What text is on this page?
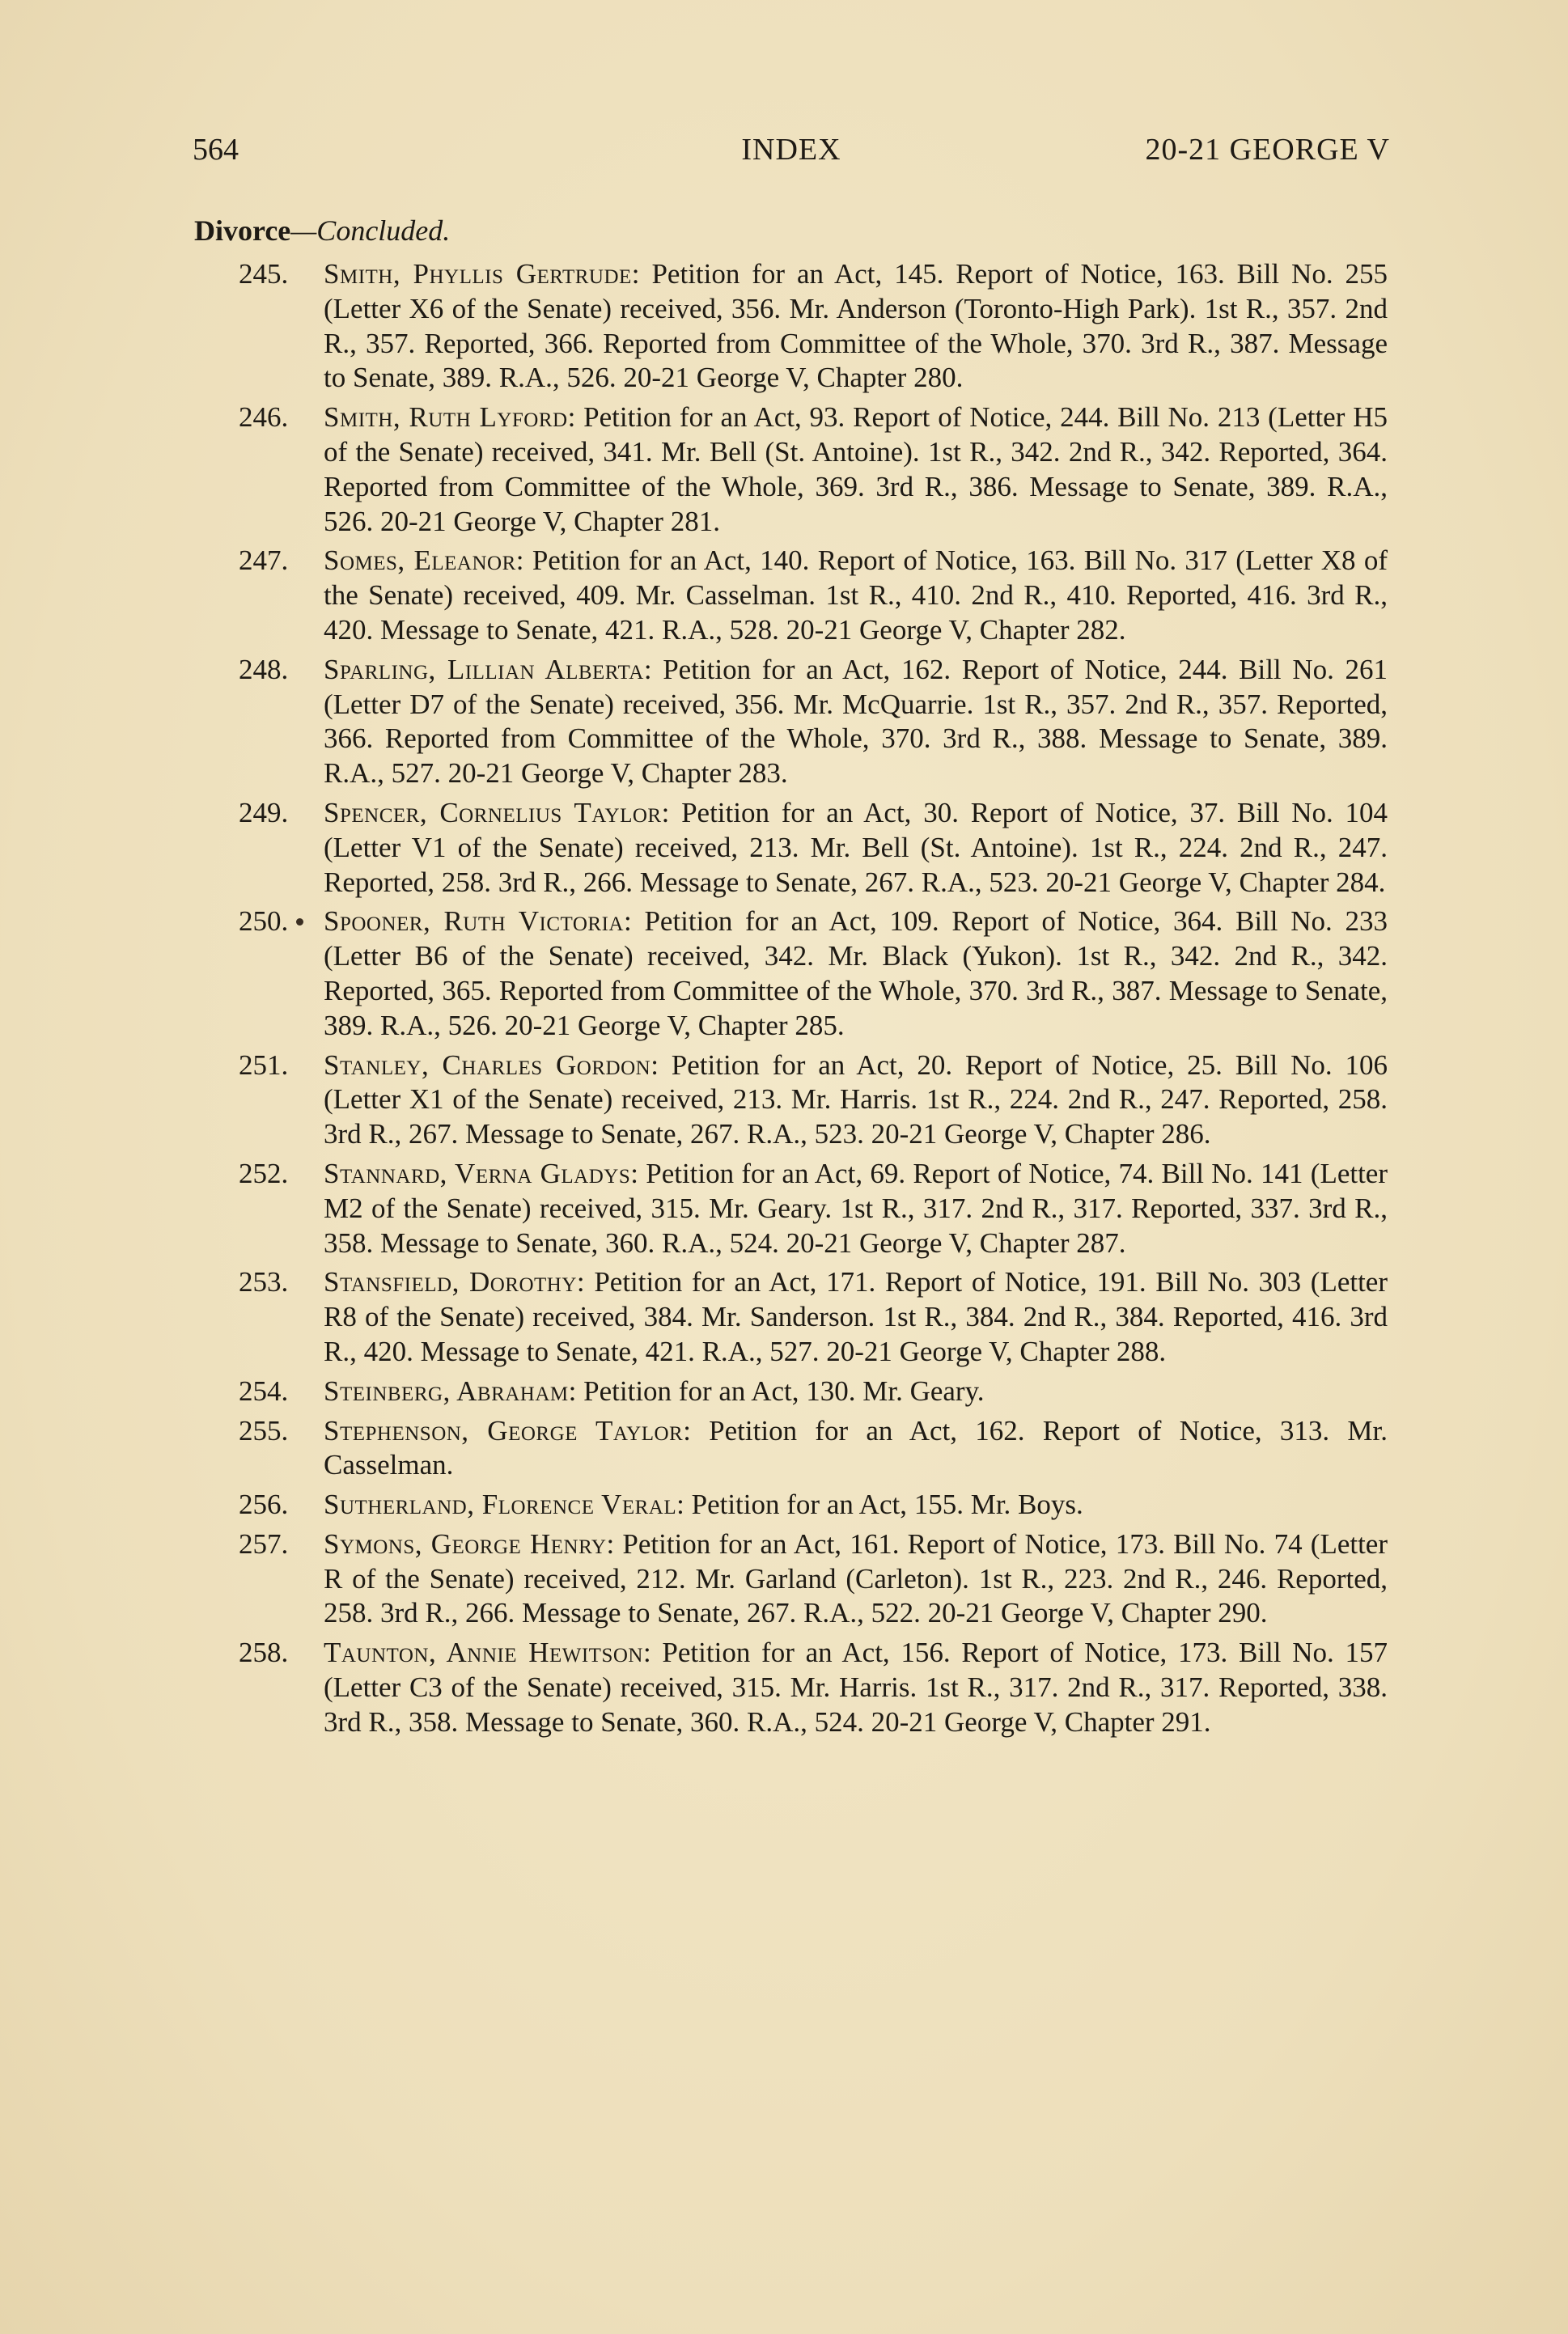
564	INDEX	20-21 GEORGE V
Divorce—Concluded.
245. Smith, Phyllis Gertrude: Petition for an Act, 145. Report of Notice, 163. Bill No. 255 (Letter X6 of the Senate) received, 356. Mr. Anderson (Toronto-High Park). 1st R., 357. 2nd R., 357. Reported, 366. Reported from Committee of the Whole, 370. 3rd R., 387. Message to Senate, 389. R.A., 526. 20-21 George V, Chapter 280.
246. Smith, Ruth Lyford: Petition for an Act, 93. Report of Notice, 244. Bill No. 213 (Letter H5 of the Senate) received, 341. Mr. Bell (St. Antoine). 1st R., 342. 2nd R., 342. Reported, 364. Reported from Committee of the Whole, 369. 3rd R., 386. Message to Senate, 389. R.A., 526. 20-21 George V, Chapter 281.
247. Somes, Eleanor: Petition for an Act, 140. Report of Notice, 163. Bill No. 317 (Letter X8 of the Senate) received, 409. Mr. Casselman. 1st R., 410. 2nd R., 410. Reported, 416. 3rd R., 420. Message to Senate, 421. R.A., 528. 20-21 George V, Chapter 282.
248. Sparling, Lillian Alberta: Petition for an Act, 162. Report of Notice, 244. Bill No. 261 (Letter D7 of the Senate) received, 356. Mr. McQuarrie. 1st R., 357. 2nd R., 357. Reported, 366. Reported from Committee of the Whole, 370. 3rd R., 388. Message to Senate, 389. R.A., 527. 20-21 George V, Chapter 283.
249. Spencer, Cornelius Taylor: Petition for an Act, 30. Report of Notice, 37. Bill No. 104 (Letter V1 of the Senate) received, 213. Mr. Bell (St. Antoine). 1st R., 224. 2nd R., 247. Reported, 258. 3rd R., 266. Message to Senate, 267. R.A., 523. 20-21 George V, Chapter 284.
250. Spooner, Ruth Victoria: Petition for an Act, 109. Report of Notice, 364. Bill No. 233 (Letter B6 of the Senate) received, 342. Mr. Black (Yukon). 1st R., 342. 2nd R., 342. Reported, 365. Reported from Committee of the Whole, 370. 3rd R., 387. Message to Senate, 389. R.A., 526. 20-21 George V, Chapter 285.
251. Stanley, Charles Gordon: Petition for an Act, 20. Report of Notice, 25. Bill No. 106 (Letter X1 of the Senate) received, 213. Mr. Harris. 1st R., 224. 2nd R., 247. Reported, 258. 3rd R., 267. Message to Senate, 267. R.A., 523. 20-21 George V, Chapter 286.
252. Stannard, Verna Gladys: Petition for an Act, 69. Report of Notice, 74. Bill No. 141 (Letter M2 of the Senate) received, 315. Mr. Geary. 1st R., 317. 2nd R., 317. Reported, 337. 3rd R., 358. Message to Senate, 360. R.A., 524. 20-21 George V, Chapter 287.
253. Stansfield, Dorothy: Petition for an Act, 171. Report of Notice, 191. Bill No. 303 (Letter R8 of the Senate) received, 384. Mr. Sanderson. 1st R., 384. 2nd R., 384. Reported, 416. 3rd R., 420. Message to Senate, 421. R.A., 527. 20-21 George V, Chapter 288.
254. Steinberg, Abraham: Petition for an Act, 130. Mr. Geary.
255. Stephenson, George Taylor: Petition for an Act, 162. Report of Notice, 313. Mr. Casselman.
256. Sutherland, Florence Veral: Petition for an Act, 155. Mr. Boys.
257. Symons, George Henry: Petition for an Act, 161. Report of Notice, 173. Bill No. 74 (Letter R of the Senate) received, 212. Mr. Garland (Carleton). 1st R., 223. 2nd R., 246. Reported, 258. 3rd R., 266. Message to Senate, 267. R.A., 522. 20-21 George V, Chapter 290.
258. Taunton, Annie Hewitson: Petition for an Act, 156. Report of Notice, 173. Bill No. 157 (Letter C3 of the Senate) received, 315. Mr. Harris. 1st R., 317. 2nd R., 317. Reported, 338. 3rd R., 358. Message to Senate, 360. R.A., 524. 20-21 George V, Chapter 291.
